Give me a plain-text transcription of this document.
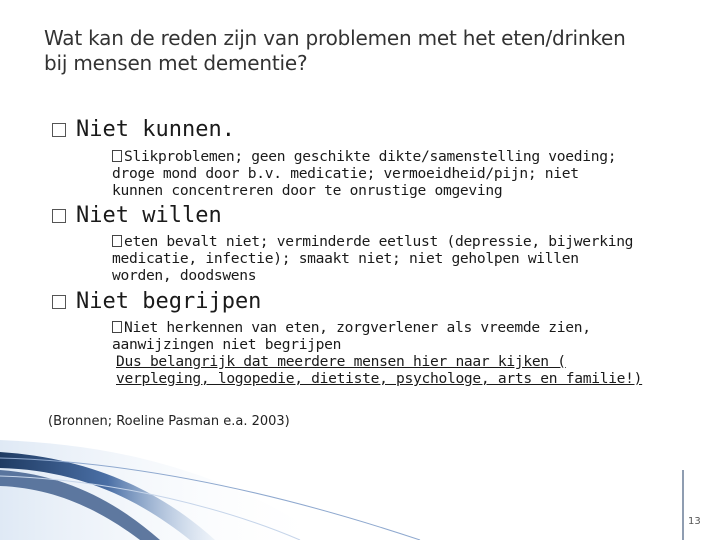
Wat kan de reden zijn van problemen met het eten/drinken
bij mensen met dementie?
Niet kunnen.
Slikproblemen; geen geschikte dikte/samenstelling voeding;
droge mond door b.v. medicatie; vermoeidheid/pijn; niet
kunnen concentreren door te onrustige omgeving
Niet willen
eten bevalt niet; verminderde eetlust (depressie, bijwerking
medicatie, infectie); smaakt niet; niet geholpen willen
worden, doodswens
Niet begrijpen
Niet herkennen van eten, zorgverlener als vreemde zien,
aanwijzingen niet begrijpen
Dus belangrijk dat meerdere mensen hier naar kijken (
verpleging, logopedie, dietiste, psychologe, arts en familie!)
(Bronnen; Roeline Pasman e.a. 2003)
13
